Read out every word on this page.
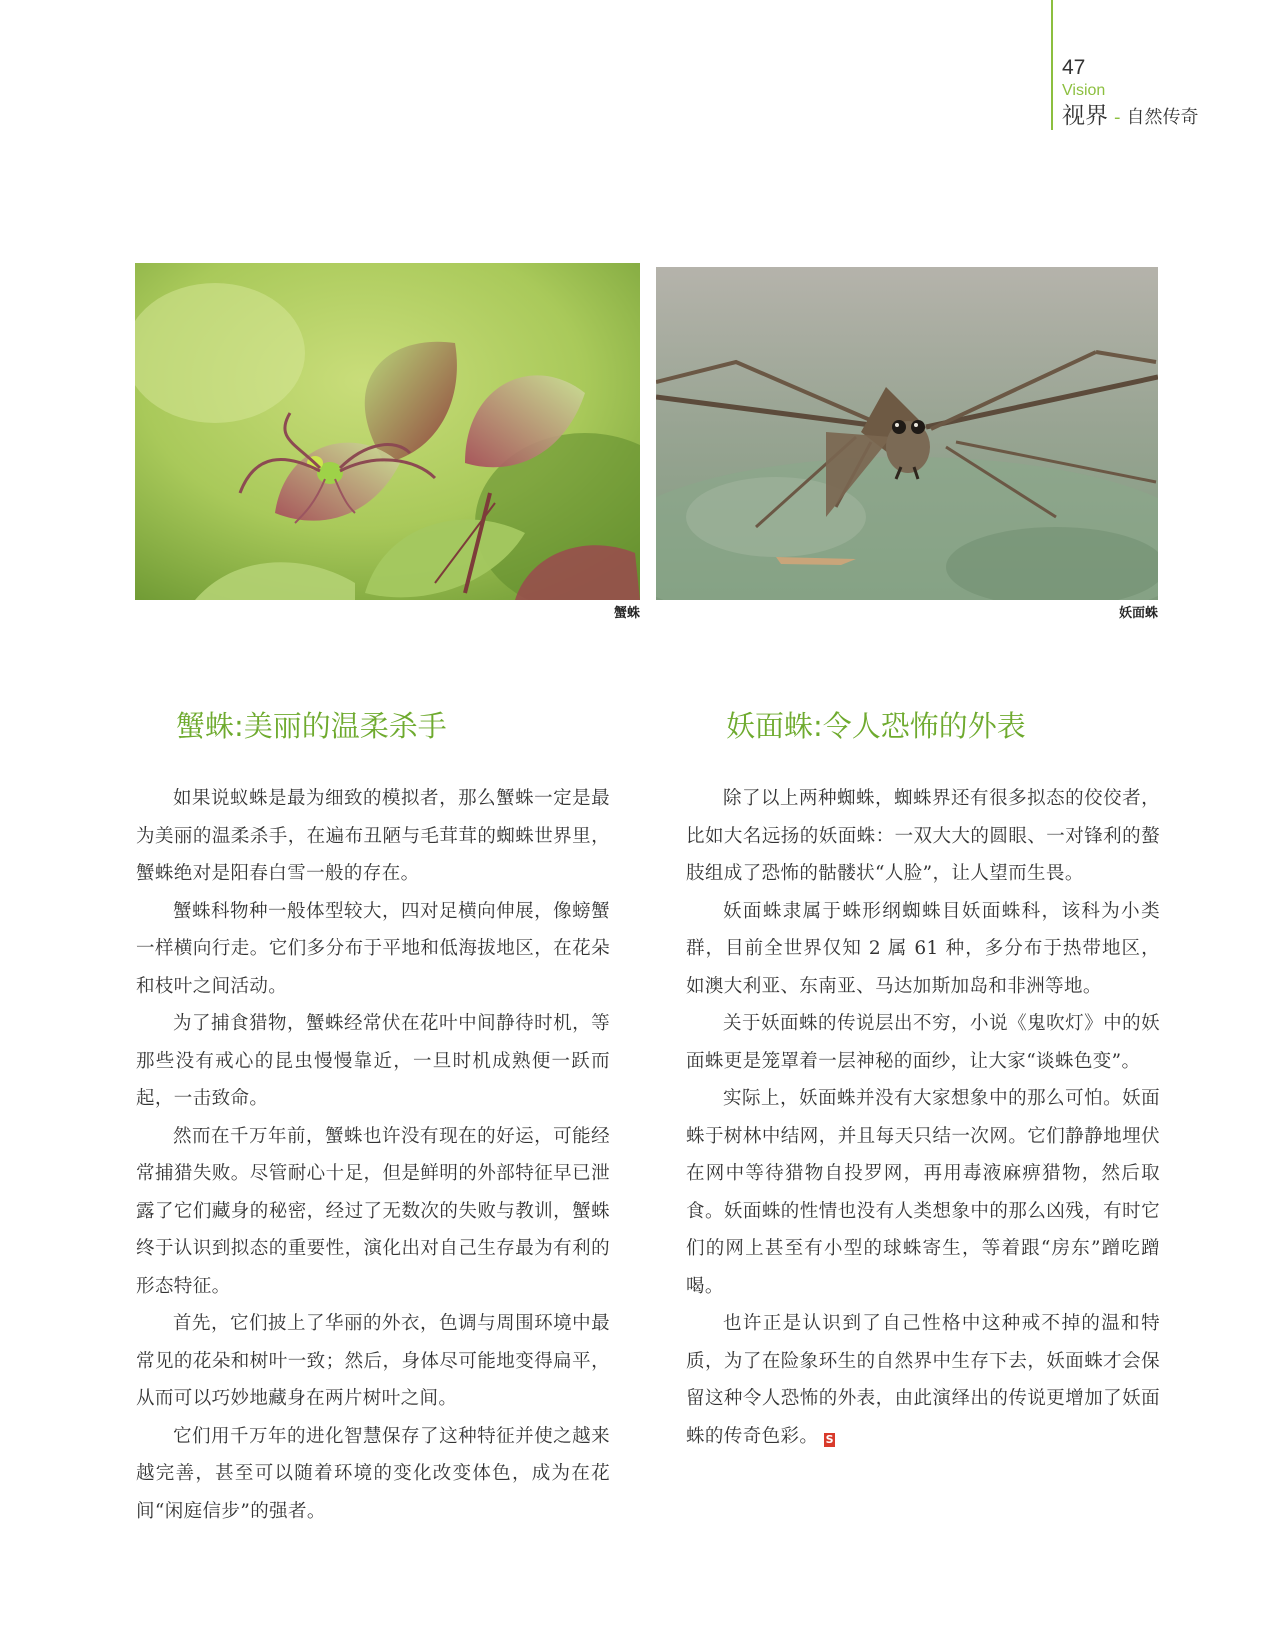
47
Vision
视界 - 自然传奇
蟹蛛	妖面蛛
蟹蛛:美丽的温柔杀手	妖面蛛:令人恐怖的外表

如果说蚁蛛是最为细致的模拟者，那么蟹蛛一定是最为美丽的温柔杀手，在遍布丑陋与毛茸茸的蜘蛛世界里，蟹蛛绝对是阳春白雪一般的存在。

蟹蛛科物种一般体型较大，四对足横向伸展，像螃蟹一样横向行走。它们多分布于平地和低海拔地区，在花朵和枝叶之间活动。

为了捕食猎物，蟹蛛经常伏在花叶中间静待时机，等那些没有戒心的昆虫慢慢靠近，一旦时机成熟便一跃而起，一击致命。

然而在千万年前，蟹蛛也许没有现在的好运，可能经常捕猎失败。尽管耐心十足，但是鲜明的外部特征早已泄露了它们藏身的秘密，经过了无数次的失败与教训，蟹蛛终于认识到拟态的重要性，演化出对自己生存最为有利的形态特征。

首先，它们披上了华丽的外衣，色调与周围环境中最常见的花朵和树叶一致；然后，身体尽可能地变得扁平，从而可以巧妙地藏身在两片树叶之间。

它们用千万年的进化智慧保存了这种特征并使之越来越完善，甚至可以随着环境的变化改变体色，成为在花间“闲庭信步”的强者。

除了以上两种蜘蛛，蜘蛛界还有很多拟态的佼佼者，比如大名远扬的妖面蛛：一双大大的圆眼、一对锋利的螯肢组成了恐怖的骷髅状“人脸”，让人望而生畏。

妖面蛛隶属于蛛形纲蜘蛛目妖面蛛科，该科为小类群，目前全世界仅知 2 属 61 种，多分布于热带地区，如澳大利亚、东南亚、马达加斯加岛和非洲等地。

关于妖面蛛的传说层出不穷，小说《鬼吹灯》中的妖面蛛更是笼罩着一层神秘的面纱，让大家“谈蛛色变”。

实际上，妖面蛛并没有大家想象中的那么可怕。妖面蛛于树林中结网，并且每天只结一次网。它们静静地埋伏在网中等待猎物自投罗网，再用毒液麻痹猎物，然后取食。妖面蛛的性情也没有人类想象中的那么凶残，有时它们的网上甚至有小型的球蛛寄生，等着跟“房东”蹭吃蹭喝。

也许正是认识到了自己性格中这种戒不掉的温和特质，为了在险象环生的自然界中生存下去，妖面蛛才会保留这种令人恐怖的外表，由此演绎出的传说更增加了妖面蛛的传奇色彩。 S
